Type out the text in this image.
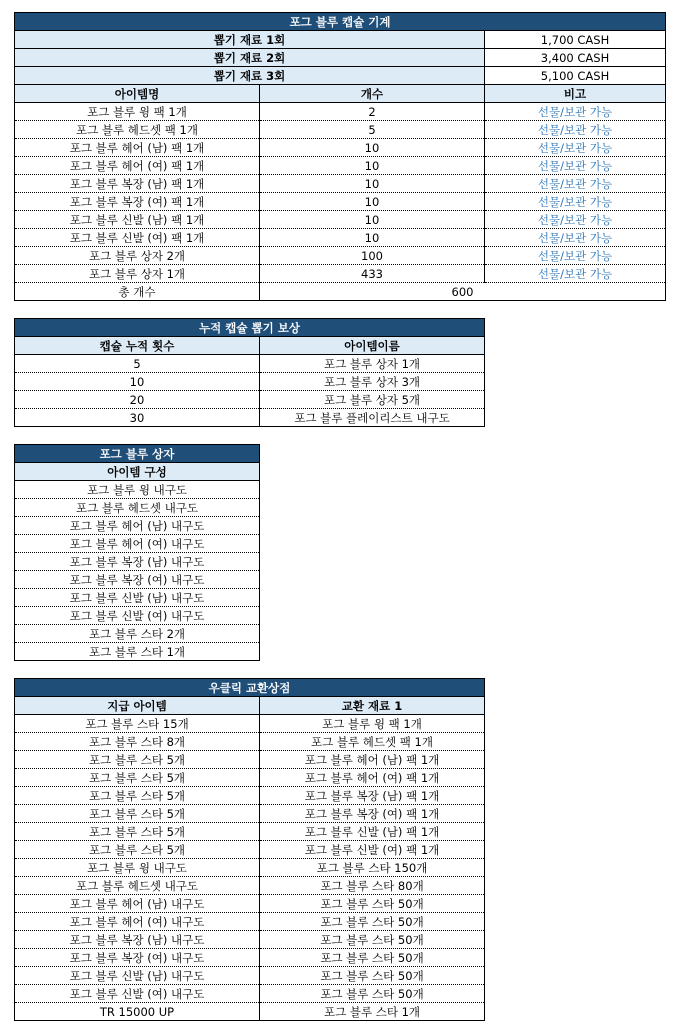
포그 블루 캡슐 기계		
뽑기 재료 1회		1,700 CASH
뽑기 재료 2회		3,400 CASH
뽑기 재료 3회		5,100 CASH
아이템명	개수	비고
포그 블루 윙 팩 1개	2	선물/보관 가능
포그 블루 헤드셋 팩 1개	5	선물/보관 가능
포그 블루 헤어 (남) 팩 1개	10	선물/보관 가능
포그 블루 헤어 (여) 팩 1개	10	선물/보관 가능
포그 블루 복장 (남) 팩 1개	10	선물/보관 가능
포그 블루 복장 (여) 팩 1개	10	선물/보관 가능
포그 블루 신발 (남) 팩 1개	10	선물/보관 가능
포그 블루 신발 (여) 팩 1개	10	선물/보관 가능
포그 블루 상자 2개	100	선물/보관 가능
포그 블루 상자 1개	433	선물/보관 가능
총 개수	600	
누적 캡슐 뽑기 보상	
캡슐 누적 횟수	아이템이름
5	포그 블루 상자 1개
10	포그 블루 상자 3개
20	포그 블루 상자 5개
30	포그 블루 플레이리스트 내구도
포그 블루 상자
아이템 구성
포그 블루 윙 내구도
포그 블루 헤드셋 내구도
포그 블루 헤어 (남) 내구도
포그 블루 헤어 (여) 내구도
포그 블루 복장 (남) 내구도
포그 블루 복장 (여) 내구도
포그 블루 신발 (남) 내구도
포그 블루 신발 (여) 내구도
포그 블루 스타 2개
포그 블루 스타 1개
우클릭 교환상점	
지급 아이템	교환 재료 1
포그 블루 스타 15개	포그 블루 윙 팩 1개
포그 블루 스타 8개	포그 블루 헤드셋 팩 1개
포그 블루 스타 5개	포그 블루 헤어 (남) 팩 1개
포그 블루 스타 5개	포그 블루 헤어 (여) 팩 1개
포그 블루 스타 5개	포그 블루 복장 (남) 팩 1개
포그 블루 스타 5개	포그 블루 복장 (여) 팩 1개
포그 블루 스타 5개	포그 블루 신발 (남) 팩 1개
포그 블루 스타 5개	포그 블루 신발 (여) 팩 1개
포그 블루 윙 내구도	포그 블루 스타 150개
포그 블루 헤드셋 내구도	포그 블루 스타 80개
포그 블루 헤어 (남) 내구도	포그 블루 스타 50개
포그 블루 헤어 (여) 내구도	포그 블루 스타 50개
포그 블루 복장 (남) 내구도	포그 블루 스타 50개
포그 블루 복장 (여) 내구도	포그 블루 스타 50개
포그 블루 신발 (남) 내구도	포그 블루 스타 50개
포그 블루 신발 (여) 내구도	포그 블루 스타 50개
TR 15000 UP	포그 블루 스타 1개
